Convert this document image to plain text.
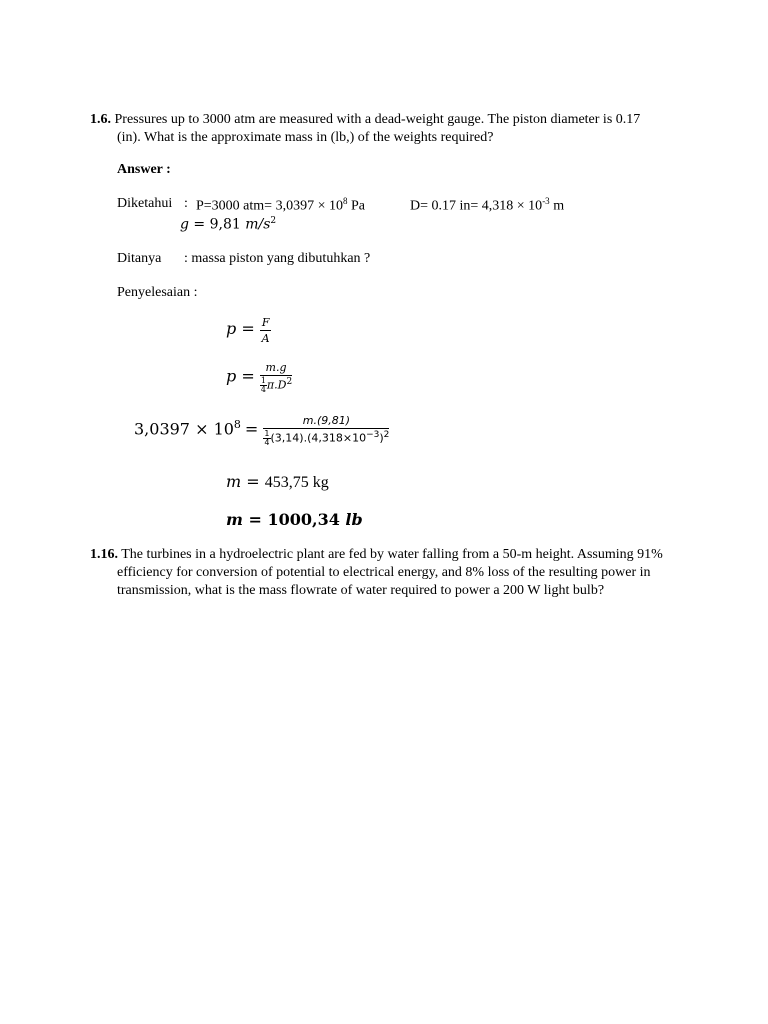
1.6. Pressures up to 3000 atm are measured with a dead-weight gauge. The piston diameter is 0.17 (in). What is the approximate mass in (lb,) of the weights required?
Answer :
Diketahui : P=3000 $atm= 3,0397 \times 10^8$ Pa	D= 0.17 $in= 4,318 \times 10^{-3}$ m
g = 9,81 $m/s^2$
Ditanya : massa piston yang dibutuhkan ?
Penyelesaian :
$p = \frac{F}{A}$
$p = \frac{m.g}{\frac{1}{4} \pi.D^2}$
$3,0397 \times 10^8 = \frac{m.(9,81)}{\frac{1}{4} (3,14).(4,318\times 10^{-3})^2}$
m = 453,75 kg
m = 1000,34 lb
1.16. The turbines in a hydroelectric plant are fed by water falling from a 50-m height. Assuming 91% efficiency for conversion of potential to electrical energy, and 8% loss of the resulting power in transmission, what is the mass flowrate of water required to power a 200 W light bulb?
